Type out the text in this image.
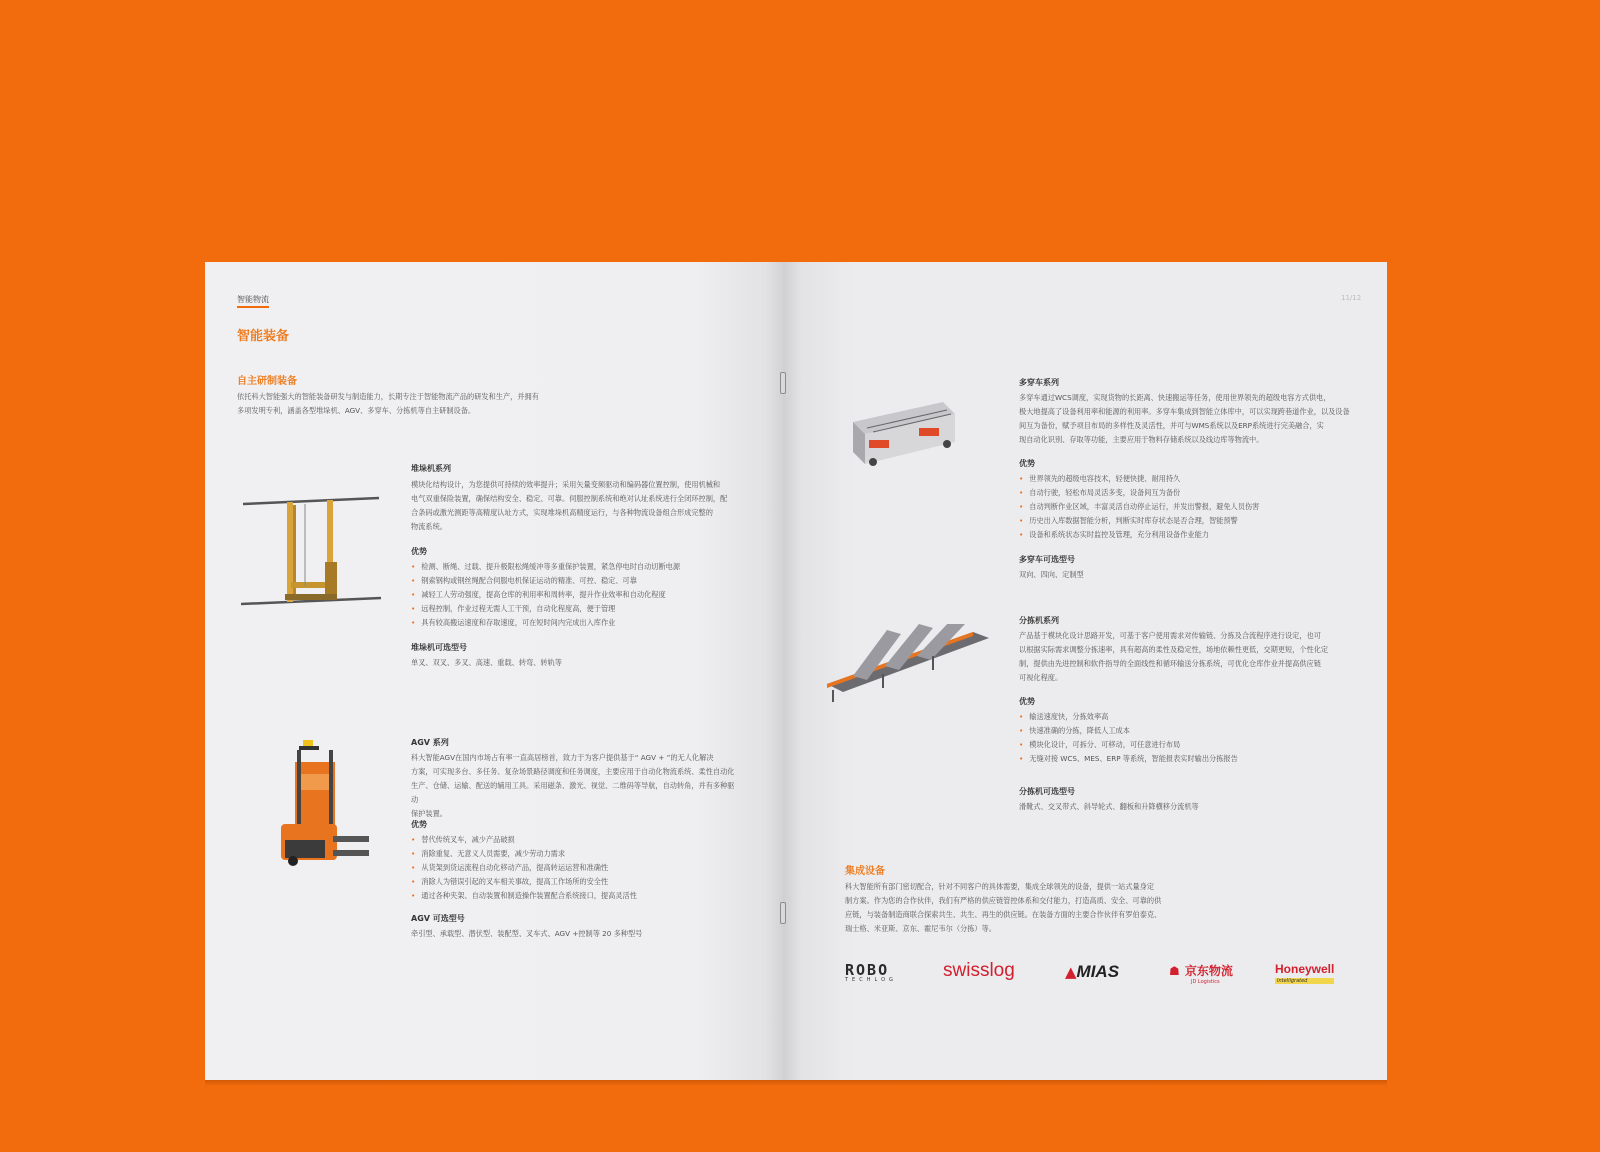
智能物流
智能装备
自主研制装备
依托科大智能强大的智能装备研发与制造能力，长期专注于智能物流产品的研发和生产，并拥有
多项发明专利，涵盖各型堆垛机、AGV、多穿车、分拣机等自主研制设备。
堆垛机系列
模块化结构设计，为您提供可持续的效率提升；采用矢量变频驱动和编码器位置控制，使用机械和
电气双重保险装置，确保结构安全、稳定、可靠。伺服控制系统和绝对认址系统进行全闭环控制，配
合条码或激光测距等高精度认址方式，实现堆垛机高精度运行，与各种物流设备组合形成完整的
物流系统。
优势
• 检测、断绳、过载、提升极限松绳缓冲等多重保护装置，紧急停电时自动切断电源
• 钢索钢构或钢丝绳配合伺服电机保证运动的精准、可控、稳定、可靠
• 减轻工人劳动强度，提高仓库的利用率和周转率，提升作业效率和自动化程度
• 远程控制，作业过程无需人工干预，自动化程度高，便于管理
• 具有较高搬运速度和存取速度，可在短时间内完成出入库作业
堆垛机可选型号
单叉、双叉、多叉、高速、重载、转弯、转轨等
AGV 系列
科大智能AGV在国内市场占有率一直高居榜首，致力于为客户提供基于“ AGV + ”的无人化解决
方案，可实现多台、多任务、复杂场景路径调度和任务调度，主要应用于自动化物流系统、柔性自动化
生产、仓储、运输、配送的辅用工具。采用磁条、激光、视觉、二维码等导航，自动转角，并有多种驱动
保护装置。
优势
• 替代传统叉车，减少产品破损
• 消除重复、无意义人员需要，减少劳动力需求
• 从货架到货运流程自动化移动产品，提高转运运营和准确性
• 消除人为错误引起的叉车相关事故，提高工作场所的安全性
• 通过各种夹架、自动装置和制造操作装置配合系统接口，提高灵活性
AGV 可选型号
牵引型、承载型、潜伏型、装配型、叉车式、AGV +控制等 20 多种型号
11/12
多穿车系列
多穿车通过WCS调度，实现货物的长距离、快速搬运等任务，使用世界领先的超级电容方式供电，
极大地提高了设备利用率和能源的利用率。多穿车集成到智能立体库中，可以实现跨巷道作业，以及设备
间互为备份，赋予项目布局的多样性及灵活性，并可与WMS系统以及ERP系统进行完美融合，实
现自动化识别、存取等功能，主要应用于物料存储系统以及线边库等物流中。
优势
• 世界领先的超级电容技术，轻便快捷、耐用持久
• 自动行驶，轻松布局灵活多变，设备间互为备份
• 自动判断作业区域，丰富灵活自动停止运行，并发出警报，避免人员伤害
• 历史出入库数据智能分析，判断实时库存状态是否合理，智能预警
• 设备和系统状态实时监控及管理，充分利用设备作业能力
多穿车可选型号
双向、四向、定制型
分拣机系列
产品基于模块化设计思路开发，可基于客户使用需求对传输链、分拣及合流程序进行设定，也可
以根据实际需求调整分拣速率，具有超高的柔性及稳定性，场地依赖性更低，交期更短，个性化定
制，提供由先进控制和软件指导的全面线性和循环输送分拣系统，可优化仓库作业并提高供应链
可视化程度。
优势
• 输送速度快，分拣效率高
• 快速准确的分拣，降低人工成本
• 模块化设计，可拆分、可移动，可任意进行布局
• 无缝对接 WCS、MES、ERP 等系统，智能报表实时输出分拣报告
分拣机可选型号
滑靴式、交叉带式、斜导轮式、翻板和升降横移分流机等
集成设备
科大智能所有部门密切配合，针对不同客户的具体需要，集成全球领先的设备，提供一站式量身定
制方案。作为您的合作伙伴，我们有严格的供应链管控体系和交付能力，打造高质、安全、可靠的供
应链，与装备制造商联合探索共生、共生、再生的供应链。在装备方面的主要合作伙伴有罗伯泰克、
瑞士格、米亚斯、京东、霍尼韦尔（分拣）等。
ROBO
TECHLOG swisslog	▲MIAS	☗ 京东物流
JD Logistics
Honeywell
Intelligrated
